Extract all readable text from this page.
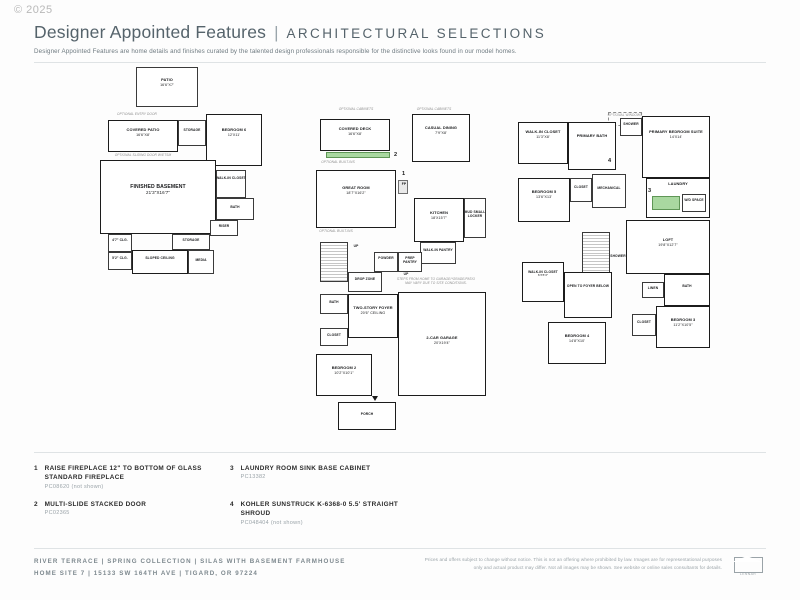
© 2025
Designer Appointed Features | ARCHITECTURAL SELECTIONS
Designer Appointed Features are home details and finishes curated by the talented design professionals responsible for the distinctive looks found in our model homes.
PATIO
16'6"X7'
OPTIONAL ENTRY DOOR
COVERED PATIO
16'6"X8'
STORAGE	BEDROOM 6
12'X11'
OPTIONAL SLIDING DOOR W/ETSM
FINISHED BASEMENT
21'3"X16'7"
WALK-IN CLOSET
BATH
RISER
STORAGE
4'7" CLG.
5'2" CLG.	SLOPED CEILING	MEDIA
OPTIONAL CABINETS	OPTIONAL CABINETS
COVERED DECK
16'6"X8'
CASUAL DINING
7'9"X8'
2
OPTIONAL BUILT-INS
GREAT ROOM
18'7"X16'2"
FP
1
KITCHEN
18'X15'7"
MUD SMALL LOCKER
OPTIONAL BUILT-INS
WALK-IN PANTRY
PREP PANTRY
POWDER
DROP ZONE
UP
UP
STEPS FROM HOME TO GARAGE/*GRADE/PATIO MAY VARY DUE TO SITE CONDITIONS.
TWO-STORY FOYER
20'6" CEILING
BATH
CLOSET
BEDROOM 2
10'2"X10'1"
2-CAR GARAGE
20'X19'4"
PORCH
OPTIONAL WINDOWS
WALK-IN CLOSET
11'3"X8'	PRIMARY BATH
4
PRIMARY BEDROOM SUITE
14'X14'
BEDROOM 5
13'6"X13'
CLOSET	MECHANICAL
LAUNDRY
3
W/D SPACE
LOFT
19'8"X12'7"
SHOWER
WALK-IN CLOSET
6'X5'3"
OPEN TO FOYER BELOW	BATH
LINEN
BEDROOM 3
11'2"X10'5"
CLOSET
BEDROOM 4
14'8"X10'
SHOWER
1 RAISE FIREPLACE 12" TO BOTTOM OF GLASS STANDARD FIREPLACE
PC08620 (not shown)
2 MULTI-SLIDE STACKED DOOR
PC02365
3 LAUNDRY ROOM SINK BASE CABINET
PC13382
4 KOHLER SUNSTRUCK K-6368-0 5.5' STRAIGHT SHROUD
PC048404 (not shown)
RIVER TERRACE | SPRING COLLECTION | SILAS WITH BASEMENT FARMHOUSE
HOME SITE 7 | 15133 SW 164TH AVE | TIGARD, OR 97224
Prices and offers subject to change without notice. This is not an offering where prohibited by law. Images are for representational purposes only and actual product may differ. Not all images may be shown. See website or online sales consultants for details.
LENNAR
